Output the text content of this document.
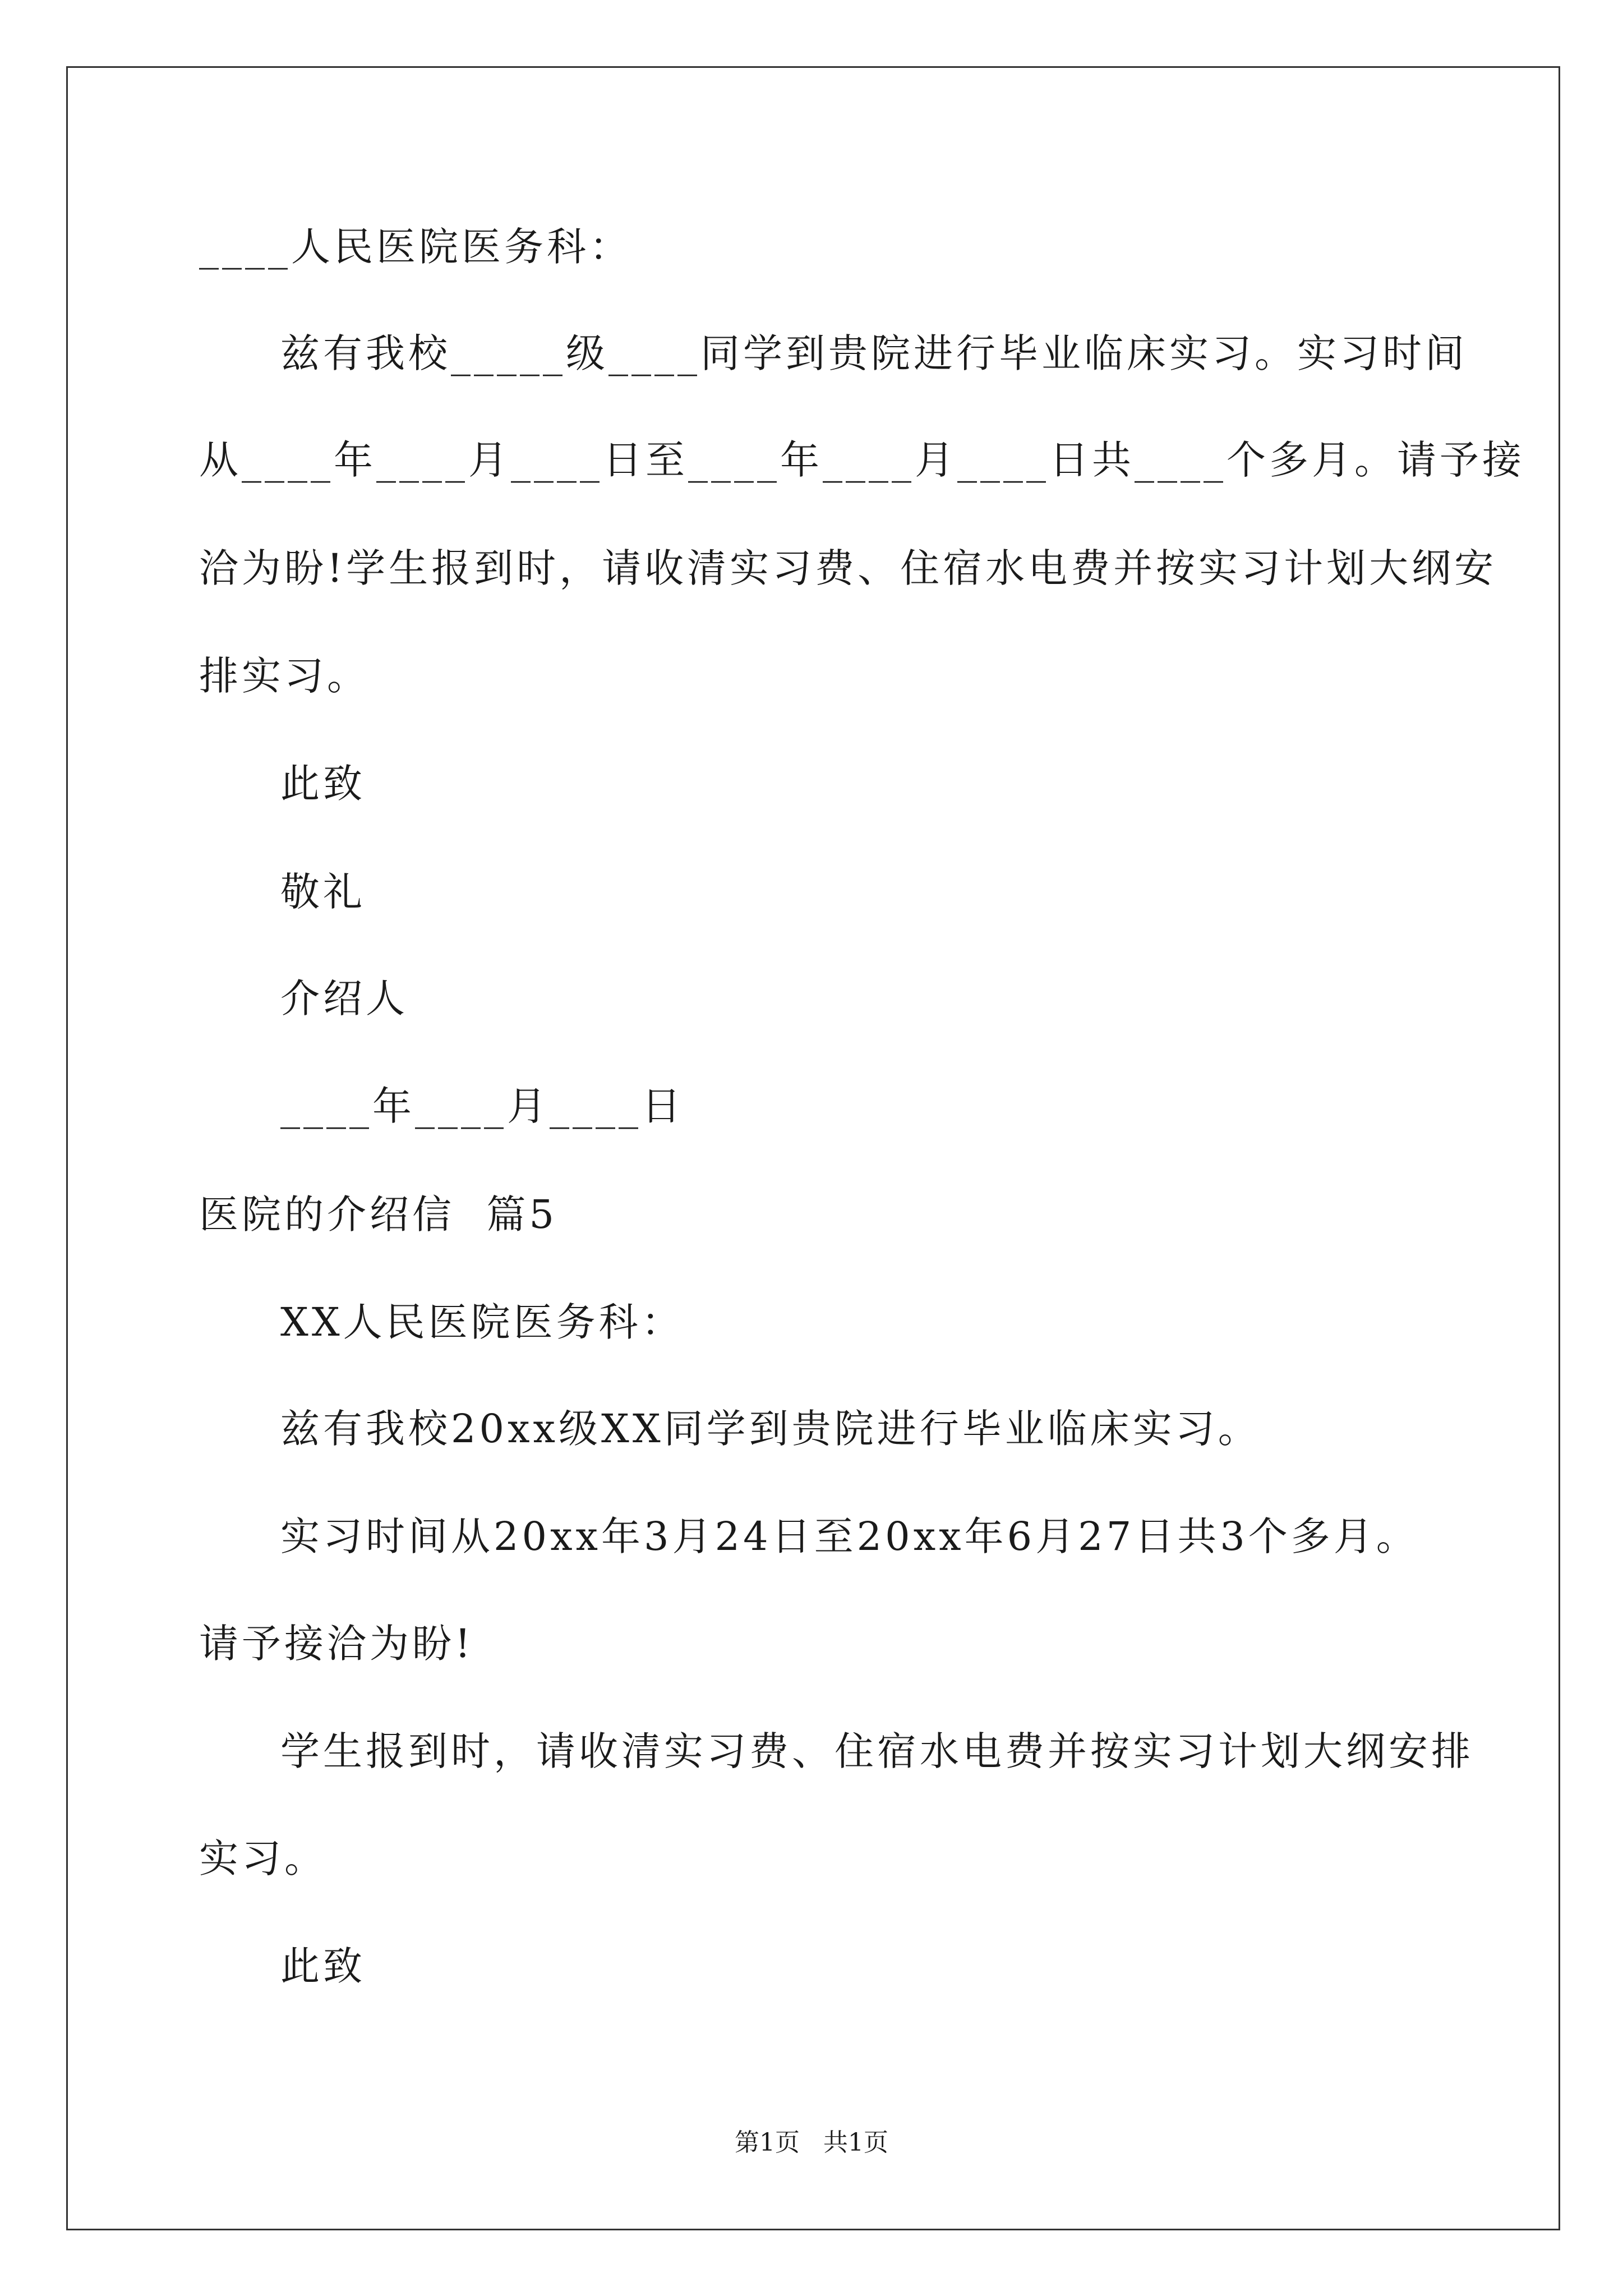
____人民医院医务科：
兹有我校_____级____同学到贵院进行毕业临床实习。实习时间
从____年____月____日至____年____月____日共____个多月。请予接
洽为盼!学生报到时，请收清实习费、住宿水电费并按实习计划大纲安
排实习。
此致
敬礼
介绍人
____年____月____日
医院的介绍信  篇5
XX人民医院医务科：
兹有我校20xx级XX同学到贵院进行毕业临床实习。
实习时间从20xx年3月24日至20xx年6月27日共3个多月。
请予接洽为盼!
学生报到时，请收清实习费、住宿水电费并按实习计划大纲安排
实习。
此致
第1页   共1页
